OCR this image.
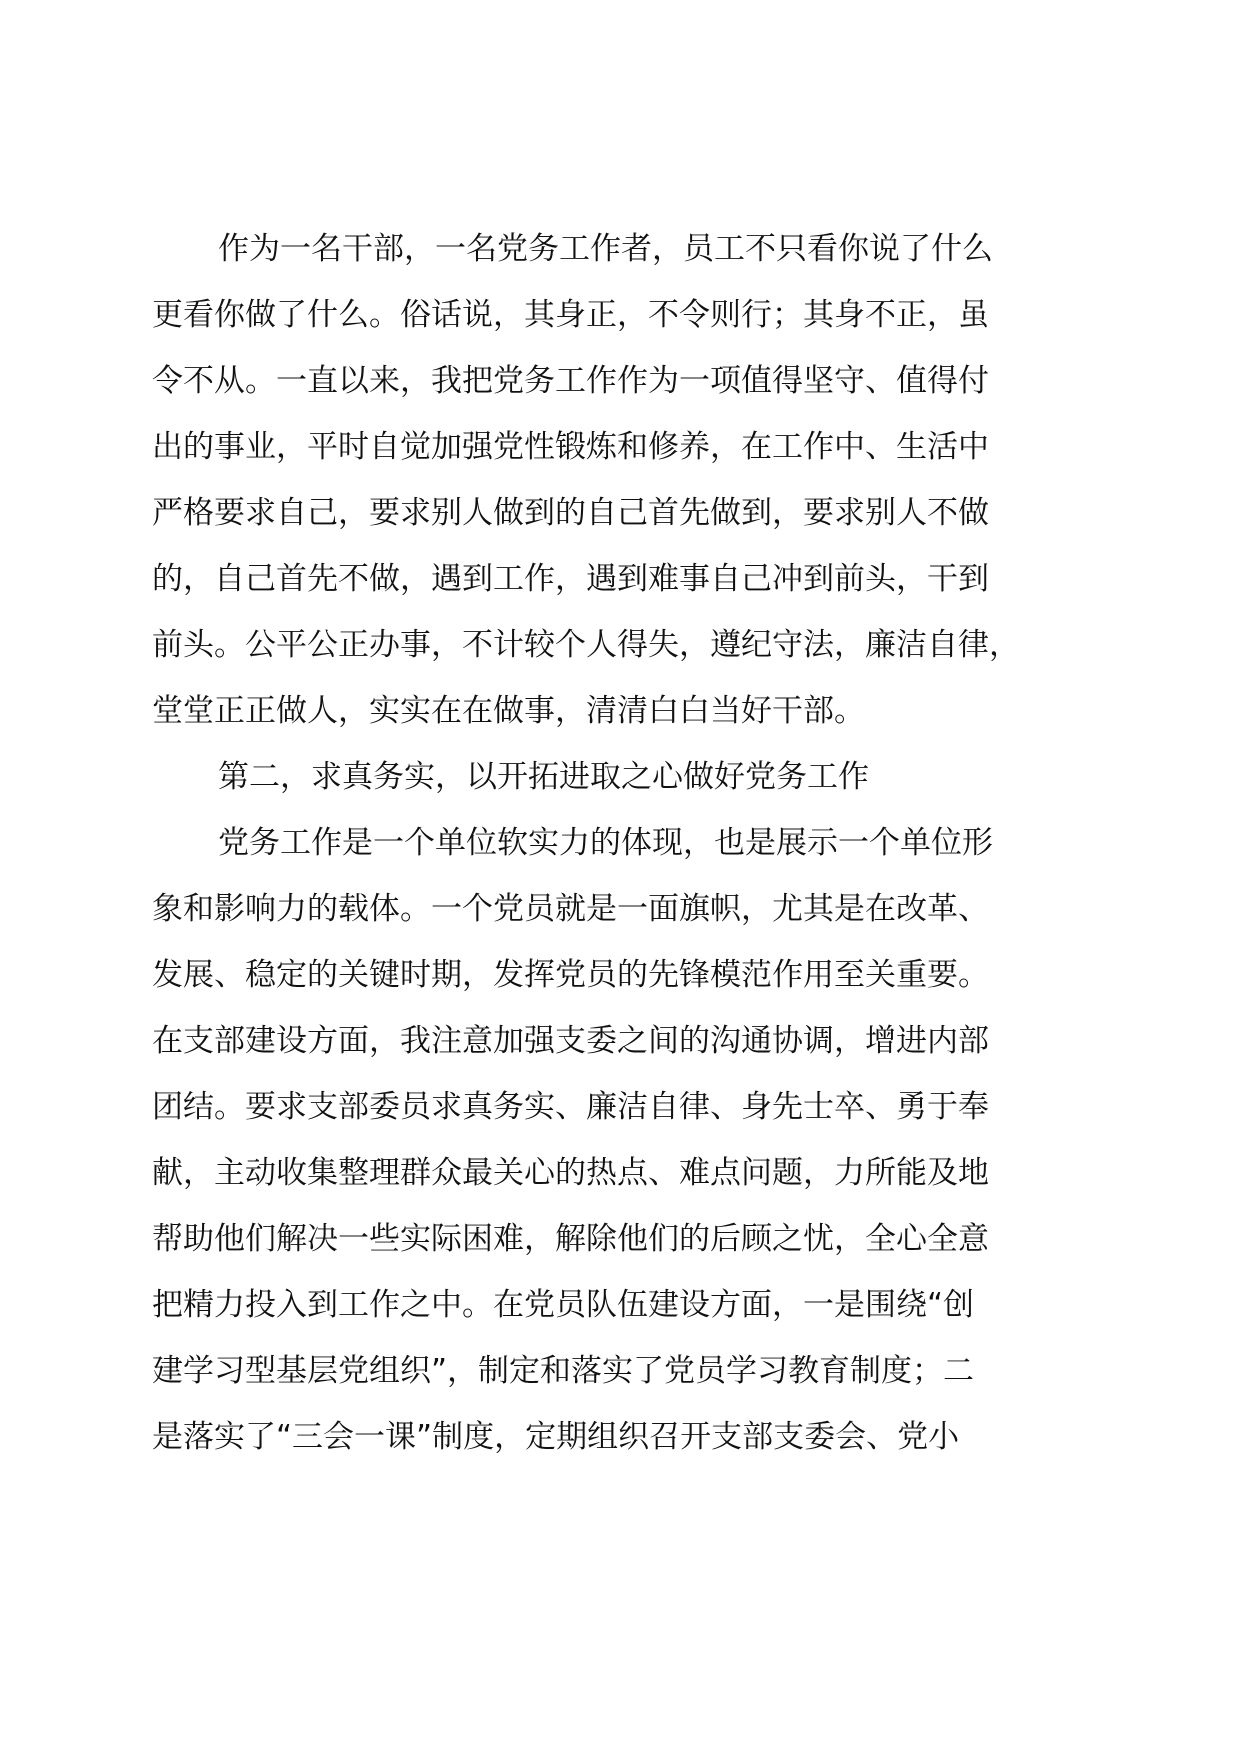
作为一名干部，一名党务工作者，员工不只看你说了什么
更看你做了什么。俗话说，其身正，不令则行；其身不正，虽
令不从。一直以来，我把党务工作作为一项值得坚守、值得付
出的事业，平时自觉加强党性锻炼和修养，在工作中、生活中
严格要求自己，要求别人做到的自己首先做到，要求别人不做
的，自己首先不做，遇到工作，遇到难事自己冲到前头，干到
前头。公平公正办事，不计较个人得失，遵纪守法，廉洁自律，
堂堂正正做人，实实在在做事，清清白白当好干部。
第二，求真务实，以开拓进取之心做好党务工作
党务工作是一个单位软实力的体现，也是展示一个单位形
象和影响力的载体。一个党员就是一面旗帜，尤其是在改革、
发展、稳定的关键时期，发挥党员的先锋模范作用至关重要。
在支部建设方面，我注意加强支委之间的沟通协调，增进内部
团结。要求支部委员求真务实、廉洁自律、身先士卒、勇于奉
献，主动收集整理群众最关心的热点、难点问题，力所能及地
帮助他们解决一些实际困难，解除他们的后顾之忧，全心全意
把精力投入到工作之中。在党员队伍建设方面，一是围绕“创
建学习型基层党组织”，制定和落实了党员学习教育制度；二
是落实了“三会一课”制度，定期组织召开支部支委会、党小
